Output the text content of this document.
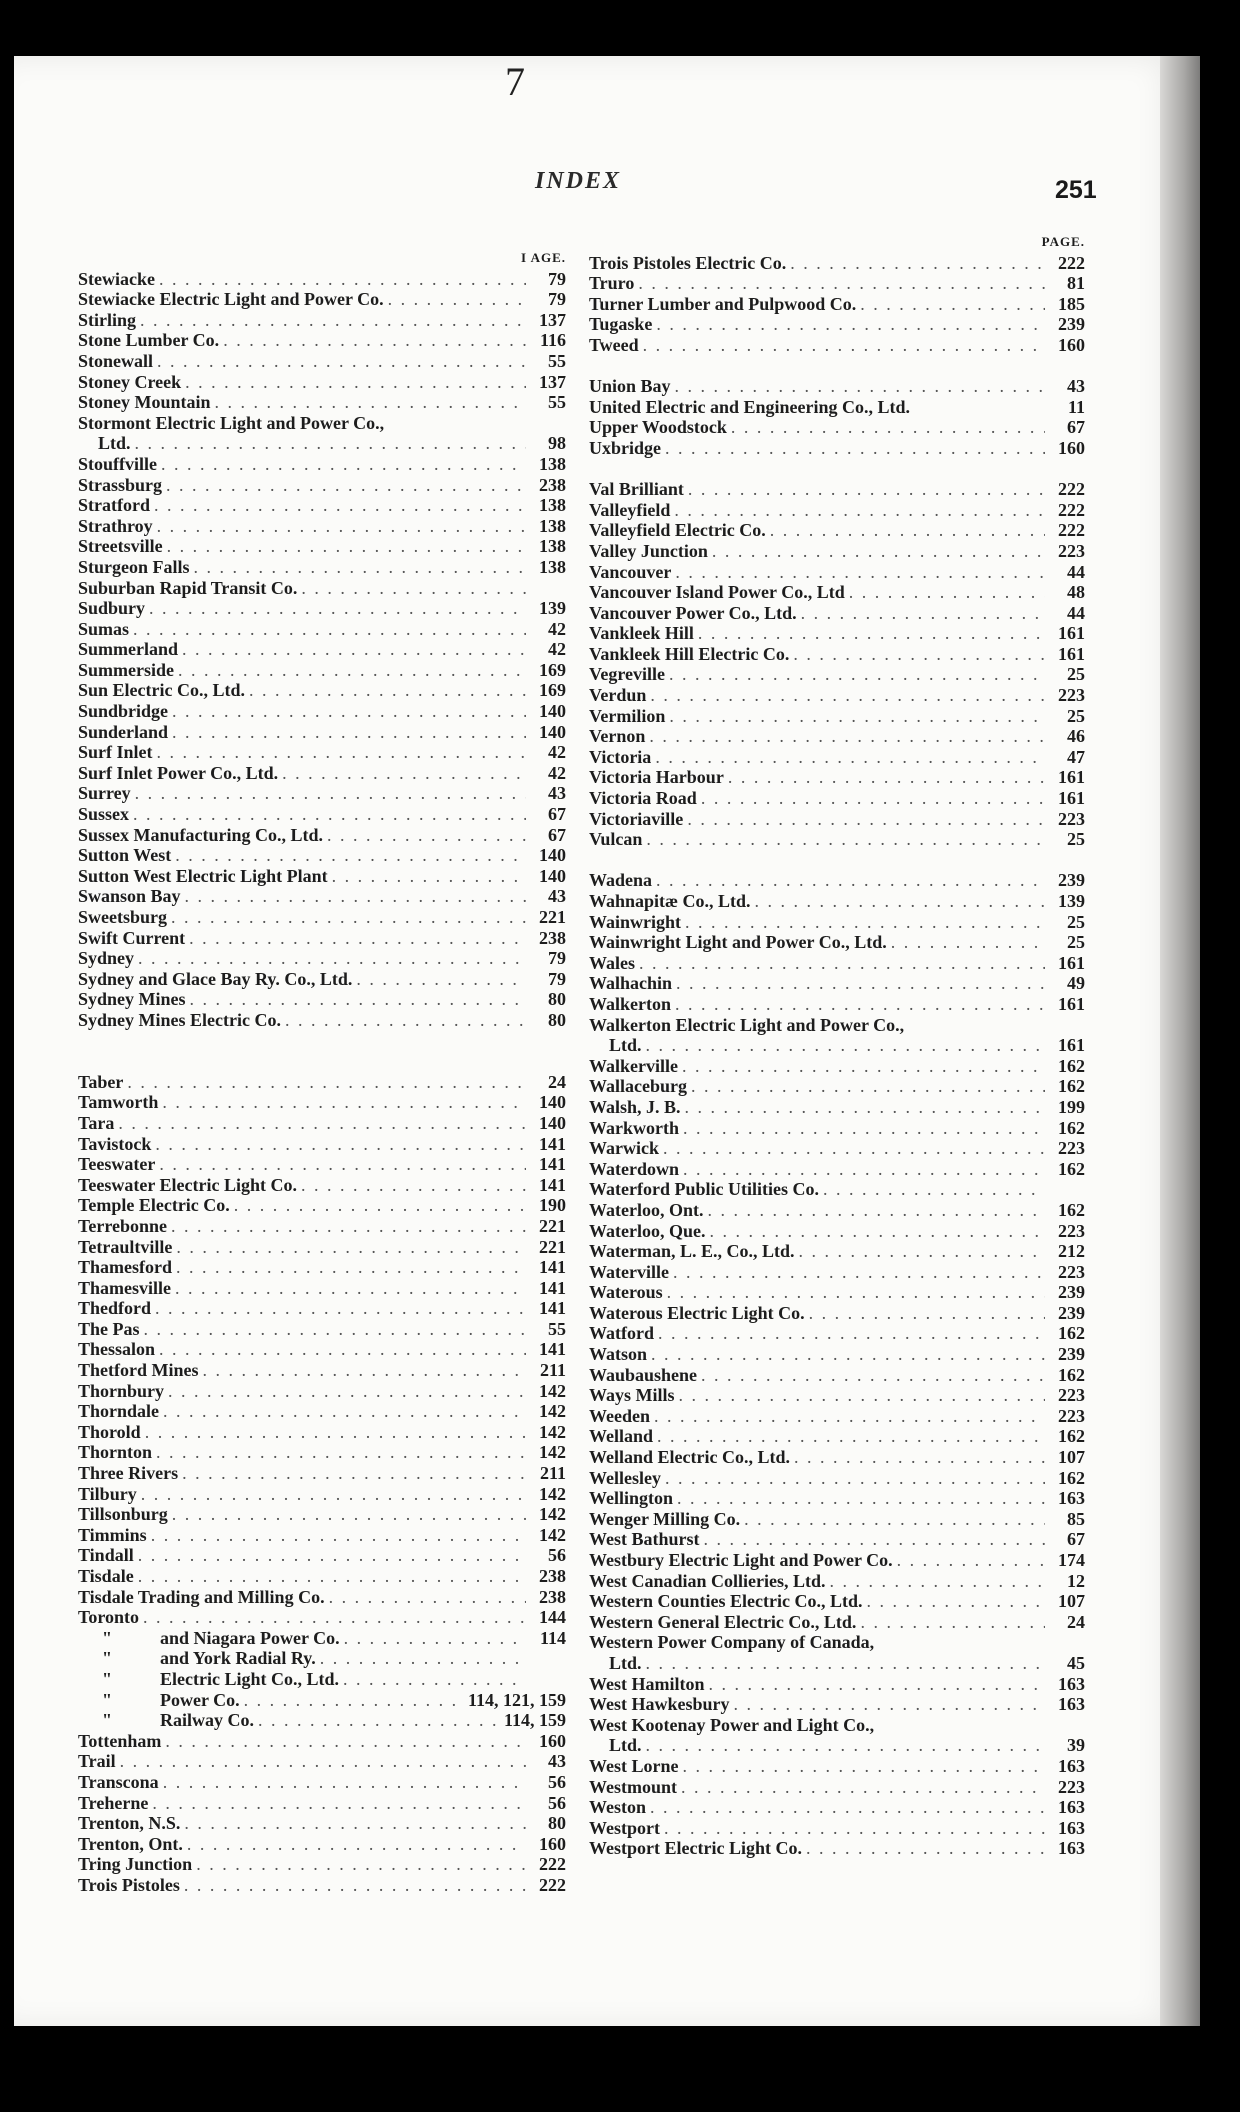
7
INDEX	251
I AGE.
Stewiacke . . .	79
Stewiacke Electric Light and Power Co. . . .	79
Stirling . . .	137
Stone Lumber Co. . . .	116
Stonewall . . .	55
Stoney Creek . . .	137
Stoney Mountain . . .	55
Stormont Electric Light and Power Co.,
Ltd. . . .	98
Stouffville . . .	138
Strassburg . . .	238
Stratford . . .	138
Strathroy . . .	138
Streetsville . . .	138
Sturgeon Falls . . .	138
Suburban Rapid Transit Co.
. . .
Sudbury . . .	139
Sumas . . .	42
Summerland . . .	42
Summerside . . .	169
Sun Electric Co., Ltd. . . .	169
Sundbridge . . .	140
Sunderland . . .	140
Surf Inlet . . .	42
Surf Inlet Power Co., Ltd. . . .	42
Surrey . . .	43
Sussex . . .	67
Sussex Manufacturing Co., Ltd. . . .	67
Sutton West . . .	140
Sutton West Electric Light Plant . . .	140
Swanson Bay . . .	43
Sweetsburg . . .	221
Swift Current . . .	238
Sydney . . .	79
Sydney and Glace Bay Ry. Co., Ltd. . . .	79
Sydney Mines . . .	80
Sydney Mines Electric Co. . . .	80
Taber . . .	24
Tamworth . . .	140
Tara . . .	140
Tavistock . . .	141
Teeswater . . .	141
Teeswater Electric Light Co. . . .	141
Temple Electric Co. . . .	190
Terrebonne . . .	221
Tetraultville . . .	221
Thamesford . . .	141
Thamesville . . .	141
Thedford . . .	141
The Pas . . .	55
Thessalon . . .	141
Thetford Mines . . .	211
Thornbury . . .	142
Thorndale . . .	142
Thorold . . .	142
Thornton . . .	142
Three Rivers . . .	211
Tilbury . . .	142
Tillsonburg . . .	142
Timmins . . .	142
Tindall . . .	56
Tisdale . . .	238
Tisdale Trading and Milling Co. . . .	238
Toronto . . .	144
"	and Niagara Power Co. . . .	114
"	and York Radial Ry.
. . .
"	Electric Light Co., Ltd.
. . .
"	Power Co. . . .	114, 121, 159
"	Railway Co. . . .	114, 159
Tottenham . . .	160
Trail . . .	43
Transcona . . .	56
Treherne . . .	56
Trenton, N.S. . . .	80
Trenton, Ont. . . .	160
Tring Junction . . .	222
Trois Pistoles . . .	222
PAGE.
Trois Pistoles Electric Co. . . .	222
Truro . . .	81
Turner Lumber and Pulpwood Co. . . .	185
Tugaske . . .	239
Tweed . . .	160
Union Bay . . .	43
United Electric and Engineering Co., Ltd.	11
Upper Woodstock . . .	67
Uxbridge . . .	160
Val Brilliant . . .	222
Valleyfield . . .	222
Valleyfield Electric Co. . . .	222
Valley Junction . . .	223
Vancouver . . .	44
Vancouver Island Power Co., Ltd . . .	48
Vancouver Power Co., Ltd. . . .	44
Vankleek Hill . . .	161
Vankleek Hill Electric Co. . . .	161
Vegreville . . .	25
Verdun . . .	223
Vermilion . . .	25
Vernon . . .	46
Victoria . . .	47
Victoria Harbour . . .	161
Victoria Road . . .	161
Victoriaville . . .	223
Vulcan . . .	25
Wadena . . .	239
Wahnapitæ Co., Ltd. . . .	139
Wainwright . . .	25
Wainwright Light and Power Co., Ltd. . . .	25
Wales . . .	161
Walhachin . . .	49
Walkerton . . .	161
Walkerton Electric Light and Power Co.,
Ltd. . . .	161
Walkerville . . .	162
Wallaceburg . . .	162
Walsh, J. B. . . .	199
Warkworth . . .	162
Warwick . . .	223
Waterdown . . .	162
Waterford Public Utilities Co.
. . .
Waterloo, Ont. . . .	162
Waterloo, Que. . . .	223
Waterman, L. E., Co., Ltd. . . .	212
Waterville . . .	223
Waterous . . .	239
Waterous Electric Light Co. . . .	239
Watford . . .	162
Watson . . .	239
Waubaushene . . .	162
Ways Mills . . .	223
Weeden . . .	223
Welland . . .	162
Welland Electric Co., Ltd. . . .	107
Wellesley . . .	162
Wellington . . .	163
Wenger Milling Co. . . .	85
West Bathurst . . .	67
Westbury Electric Light and Power Co. . . .	174
West Canadian Collieries, Ltd. . . .	12
Western Counties Electric Co., Ltd. . . .	107
Western General Electric Co., Ltd. . . .	24
Western Power Company of Canada,
Ltd. . . .	45
West Hamilton . . .	163
West Hawkesbury . . .	163
West Kootenay Power and Light Co.,
Ltd. . . .	39
West Lorne . . .	163
Westmount . . .	223
Weston . . .	163
Westport . . .	163
Westport Electric Light Co. . . .	163
